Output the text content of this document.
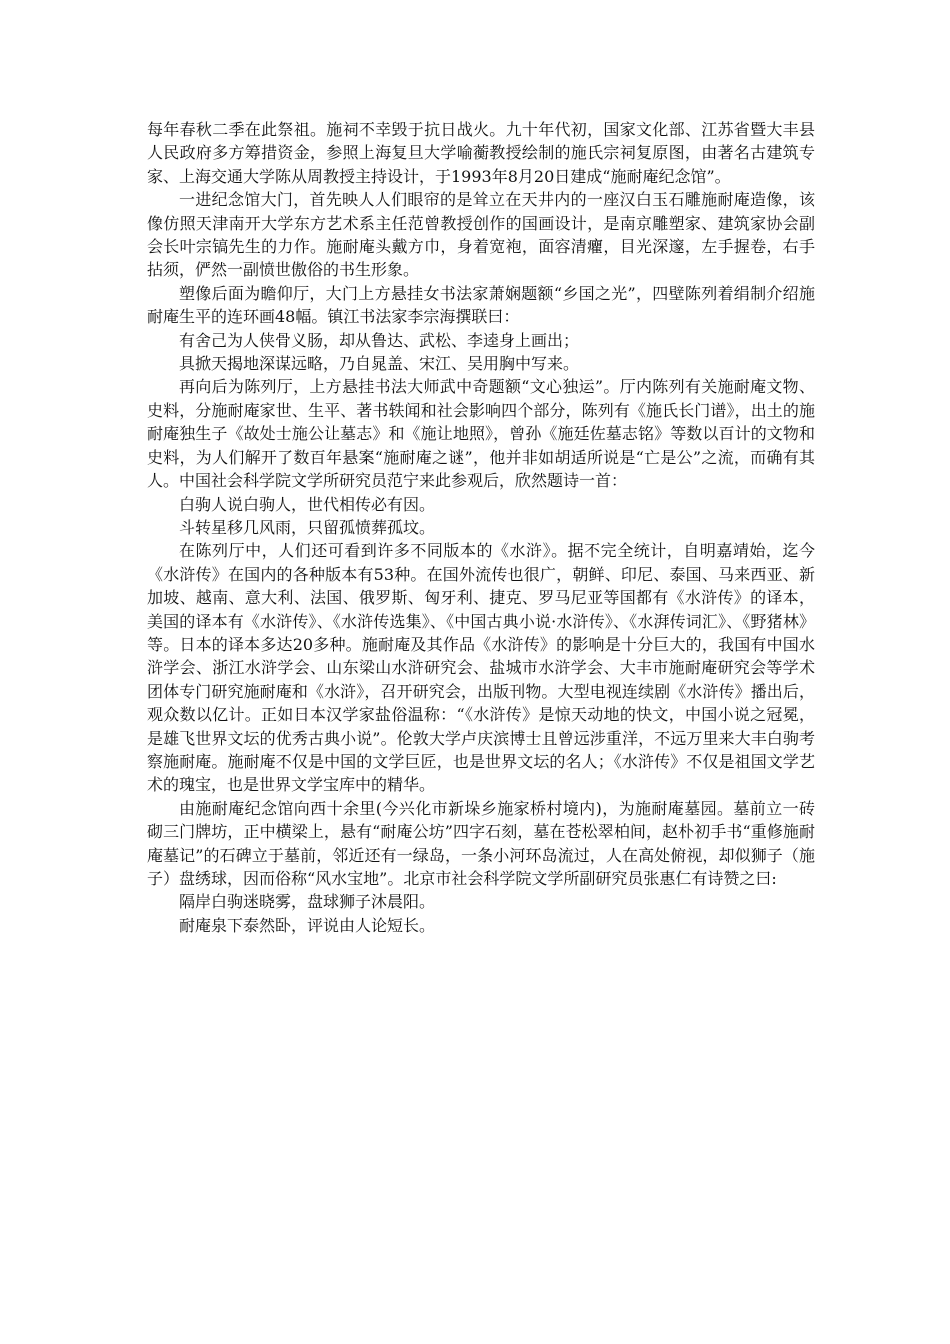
每年春秋二季在此祭祖。施祠不幸毁于抗日战火。九十年代初，国家文化部、江苏省暨大丰县人民政府多方筹措资金，参照上海复旦大学喻蘅教授绘制的施氏宗祠复原图，由著名古建筑专家、上海交通大学陈从周教授主持设计，于1993年8月20日建成“施耐庵纪念馆”。

一进纪念馆大门，首先映人人们眼帘的是耸立在天井内的一座汉白玉石雕施耐庵造像，该像仿照天津南开大学东方艺术系主任范曾教授创作的国画设计，是南京雕塑家、建筑家协会副会长叶宗镐先生的力作。施耐庵头戴方巾，身着宽袍，面容清癯，目光深邃，左手握卷，右手拈须，俨然一副愤世傲俗的书生形象。

塑像后面为瞻仰厅，大门上方悬挂女书法家萧娴题额“乡国之光”，四壁陈列着绢制介绍施耐庵生平的连环画48幅。镇江书法家李宗海撰联曰：

有舍己为人侠骨义肠，却从鲁达、武松、李逵身上画出；

具掀天揭地深谋远略，乃自晁盖、宋江、吴用胸中写来。

再向后为陈列厅，上方悬挂书法大师武中奇题额“文心独运”。厅内陈列有关施耐庵文物、史料，分施耐庵家世、生平、著书轶闻和社会影响四个部分，陈列有《施氏长门谱》，出土的施耐庵独生子《故处士施公让墓志》和《施让地照》，曾孙《施廷佐墓志铭》等数以百计的文物和史料，为人们解开了数百年悬案“施耐庵之谜”，他并非如胡适所说是“亡是公”之流，而确有其人。中国社会科学院文学所研究员范宁来此参观后，欣然题诗一首：

白驹人说白驹人，世代相传必有因。

斗转星移几风雨，只留孤愤葬孤坟。

在陈列厅中，人们还可看到许多不同版本的《水浒》。据不完全统计，自明嘉靖始，迄今《水浒传》在国内的各种版本有53种。在国外流传也很广，朝鲜、印尼、泰国、马来西亚、新加坡、越南、意大利、法国、俄罗斯、匈牙利、捷克、罗马尼亚等国都有《水浒传》的译本，美国的译本有《水浒传》、《水浒传选集》、《中国古典小说·水浒传》、《水湃传词汇》、《野猪林》等。日本的译本多达20多种。施耐庵及其作品《水浒传》的影响是十分巨大的，我国有中国水浒学会、浙江水浒学会、山东梁山水浒研究会、盐城市水浒学会、大丰市施耐庵研究会等学术团体专门研究施耐庵和《水浒》，召开研究会，出版刊物。大型电视连续剧《水浒传》播出后，观众数以亿计。正如日本汉学家盐俗温称：“《水浒传》是惊天动地的快文，中国小说之冠冕，是雄飞世界文坛的优秀古典小说”。伦敦大学卢庆滨博士且曾远涉重洋，不远万里来大丰白驹考察施耐庵。施耐庵不仅是中国的文学巨匠，也是世界文坛的名人；《水浒传》不仅是祖国文学艺术的瑰宝，也是世界文学宝库中的精华。

由施耐庵纪念馆向西十余里(今兴化市新垛乡施家桥村境内)，为施耐庵墓园。墓前立一砖砌三门牌坊，正中横梁上，悬有“耐庵公坊”四字石刻，墓在苍松翠柏间，赵朴初手书“重修施耐庵墓记”的石碑立于墓前，邻近还有一绿岛，一条小河环岛流过，人在高处俯视，却似狮子（施子）盘绣球，因而俗称“风水宝地”。北京市社会科学院文学所副研究员张惠仁有诗赞之曰:

隔岸白驹迷晓雾，盘球狮子沐晨阳。

耐庵泉下泰然卧，评说由人论短长。
